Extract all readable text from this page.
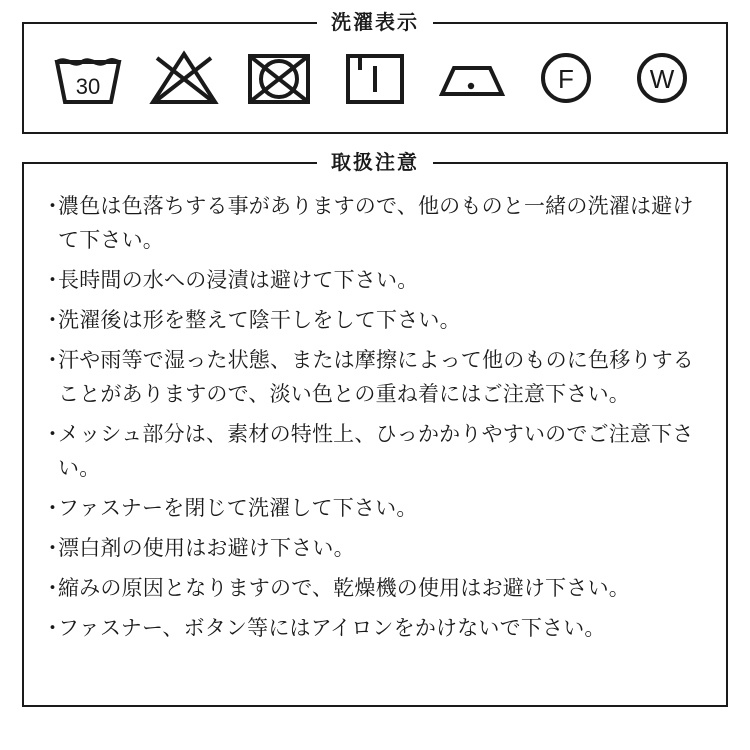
洗濯表示
30	F	W
取扱注意
・
濃色は色落ちする事がありますので、他のものと一緒の洗濯は避けて下さい。
・
長時間の水への浸漬は避けて下さい。
・
洗濯後は形を整えて陰干しをして下さい。
・
汗や雨等で湿った状態、または摩擦によって他のものに色移りすることがありますので、淡い色との重ね着にはご注意下さい。
・
メッシュ部分は、素材の特性上、ひっかかりやすいのでご注意下さい。
・
ファスナーを閉じて洗濯して下さい。
・
漂白剤の使用はお避け下さい。
・
縮みの原因となりますので、乾燥機の使用はお避け下さい。
・
ファスナー、ボタン等にはアイロンをかけないで下さい。
